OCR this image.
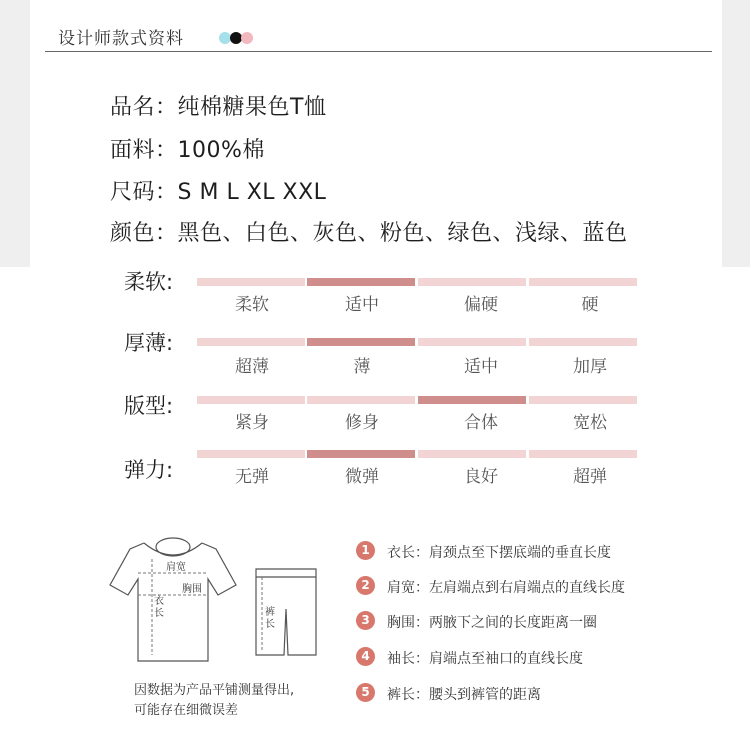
设计师款式资料
品名：纯棉糖果色T恤
面料：100%棉
尺码：S M L XL XXL
颜色：黑色、白色、灰色、粉色、绿色、浅绿、蓝色
柔软:
柔软	适中	偏硬	硬
厚薄:
超薄	薄	适中	加厚
版型:
紧身	修身	合体	宽松
弹力:	无弹	微弹	良好	超弹
肩宽
胸围
衣 长	裤 长
因数据为产品平铺测量得出,
可能存在细微误差
1	衣长：肩颈点至下摆底端的垂直长度
2	肩宽：左肩端点到右肩端点的直线长度
3	胸围：两腋下之间的长度距离一圈
4	袖长：肩端点至袖口的直线长度
5	裤长：腰头到裤管的距离
